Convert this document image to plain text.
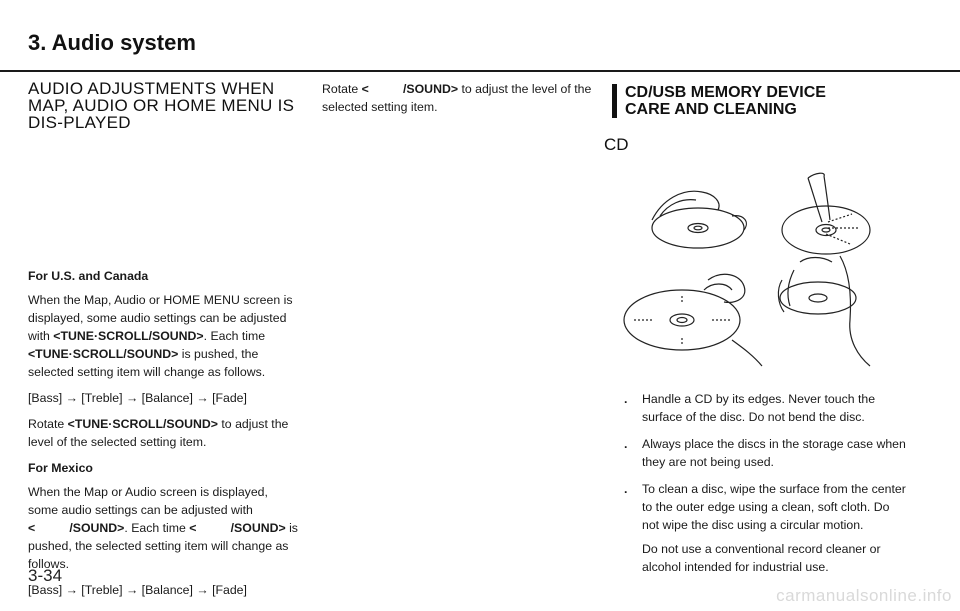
3. Audio system
AUDIO ADJUSTMENTS WHEN MAP, AUDIO OR HOME MENU IS DIS-PLAYED
For U.S. and Canada

When the Map, Audio or HOME MENU screen is displayed, some audio settings can be adjusted with <TUNE·SCROLL/SOUND>. Each time <TUNE·SCROLL/SOUND> is pushed, the selected setting item will change as follows.

[Bass] → [Treble] → [Balance] → [Fade]

Rotate <TUNE·SCROLL/SOUND> to adjust the level of the selected setting item.

For Mexico

When the Map or Audio screen is displayed, some audio settings can be adjusted with <          /SOUND>. Each time <          /SOUND> is pushed, the selected setting item will change as follows.

[Bass] → [Treble] → [Balance] → [Fade]

Rotate <          /SOUND> to adjust the level of the selected setting item.

CD/USB MEMORY DEVICE
CARE AND CLEANING
CD
. Handle a CD by its edges. Never touch the surface of the disc. Do not bend the disc.
. Always place the discs in the storage case when they are not being used.
. To clean a disc, wipe the surface from the center to the outer edge using a clean, soft cloth. Do not wipe the disc using a circular motion.
Do not use a conventional record cleaner or alcohol intended for industrial use.
3-34
carmanualsonline.info
